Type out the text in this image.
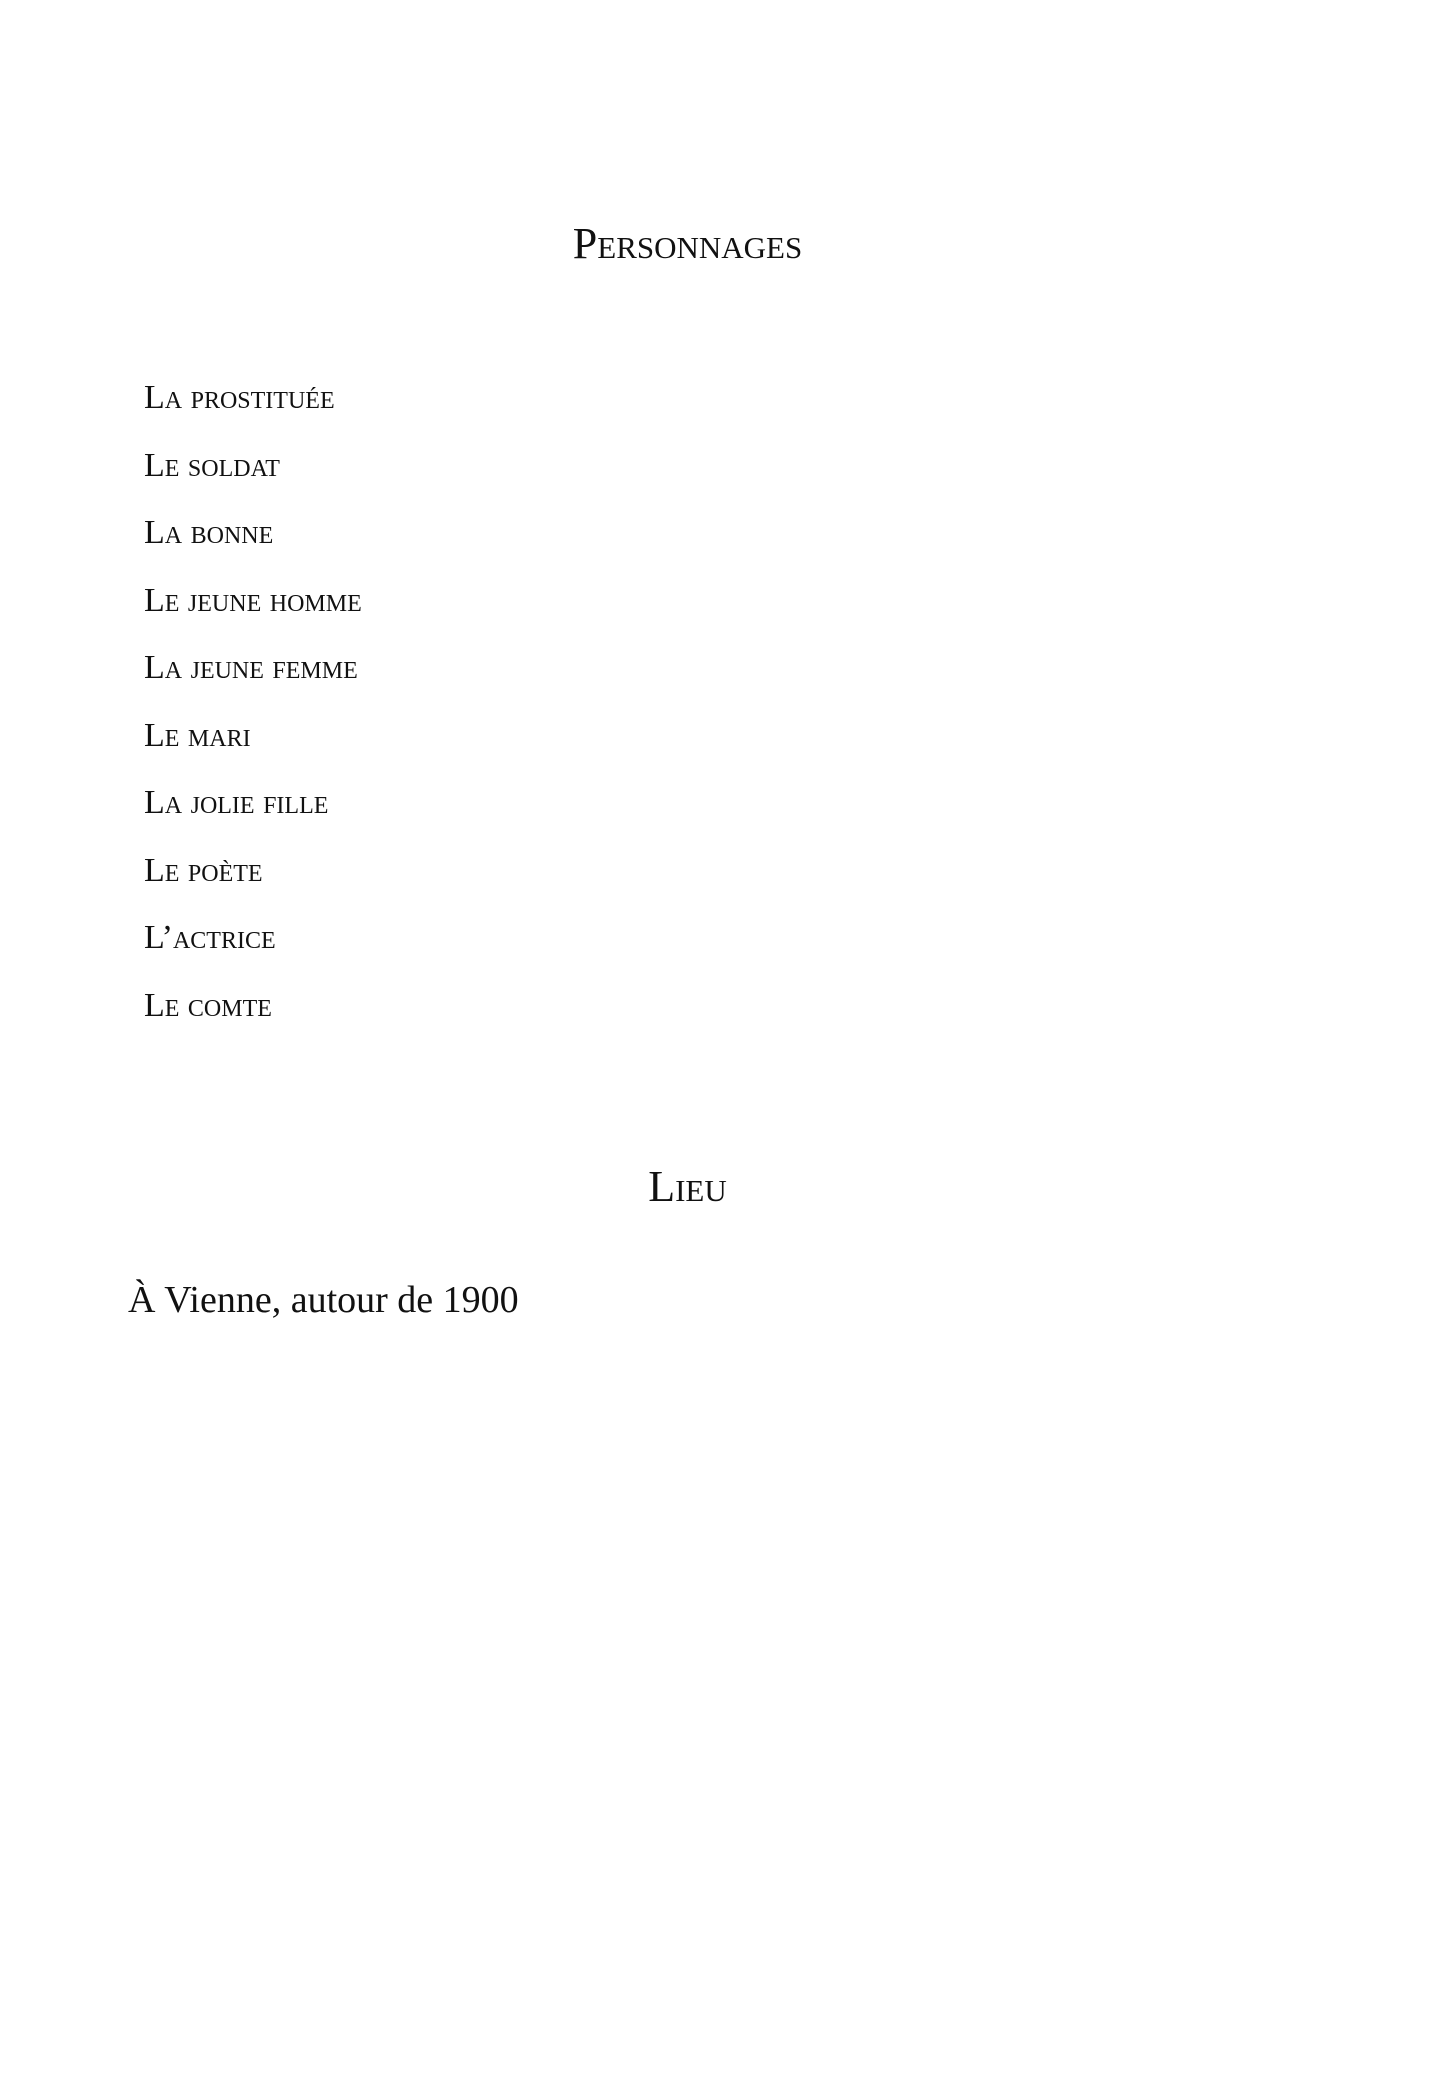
Personnages
La prostituée
Le soldat
La bonne
Le jeune homme
La jeune femme
Le mari
La jolie fille
Le poète
L’actrice
Le comte
Lieu

À Vienne, autour de 1900
